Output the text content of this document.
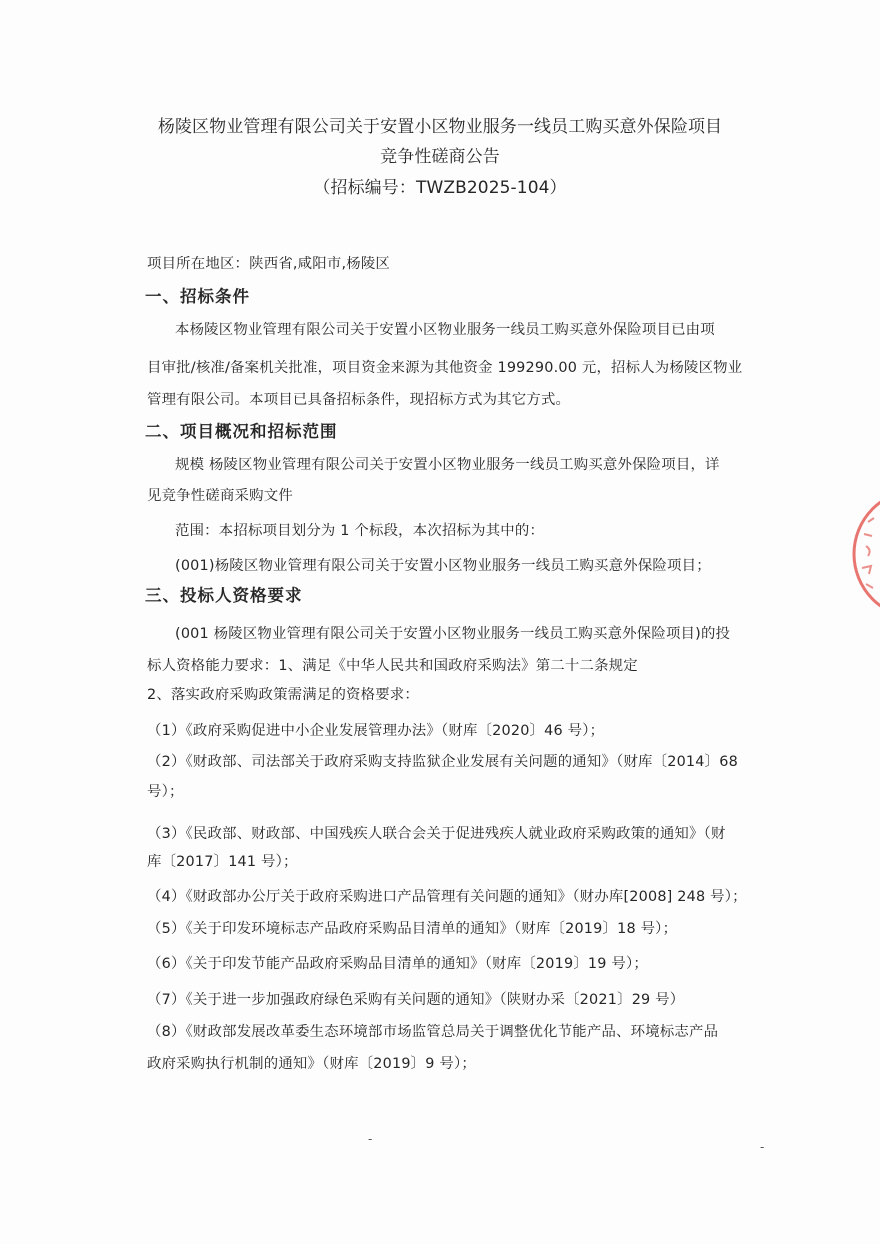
杨陵区物业管理有限公司关于安置小区物业服务一线员工购买意外保险项目
竞争性磋商公告
（招标编号：TWZB2025-104）
项目所在地区：陕西省,咸阳市,杨陵区
一、招标条件
本杨陵区物业管理有限公司关于安置小区物业服务一线员工购买意外保险项目已由项
目审批/核准/备案机关批准，项目资金来源为其他资金 199290.00 元，招标人为杨陵区物业
管理有限公司。本项目已具备招标条件，现招标方式为其它方式。
二、项目概况和招标范围
规模 杨陵区物业管理有限公司关于安置小区物业服务一线员工购买意外保险项目，详
见竞争性磋商采购文件
范围：本招标项目划分为 1 个标段，本次招标为其中的：
(001)杨陵区物业管理有限公司关于安置小区物业服务一线员工购买意外保险项目；
三、投标人资格要求
(001 杨陵区物业管理有限公司关于安置小区物业服务一线员工购买意外保险项目)的投
标人资格能力要求：1、满足《中华人民共和国政府采购法》第二十二条规定
2、落实政府采购政策需满足的资格要求：
（1）《政府采购促进中小企业发展管理办法》（财库〔2020〕46 号）；
（2）《财政部、司法部关于政府采购支持监狱企业发展有关问题的通知》（财库〔2014〕68
号）；
（3）《民政部、财政部、中国残疾人联合会关于促进残疾人就业政府采购政策的通知》（财
库〔2017〕141 号）；
（4）《财政部办公厅关于政府采购进口产品管理有关问题的通知》（财办库[2008] 248 号）；
（5）《关于印发环境标志产品政府采购品目清单的通知》（财库〔2019〕18 号）；
（6）《关于印发节能产品政府采购品目清单的通知》（财库〔2019〕19 号）；
（7）《关于进一步加强政府绿色采购有关问题的通知》（陕财办采〔2021〕29 号）
（8）《财政部发展改革委生态环境部市场监管总局关于调整优化节能产品、环境标志产品
政府采购执行机制的通知》（财库〔2019〕9 号）；
-
-
